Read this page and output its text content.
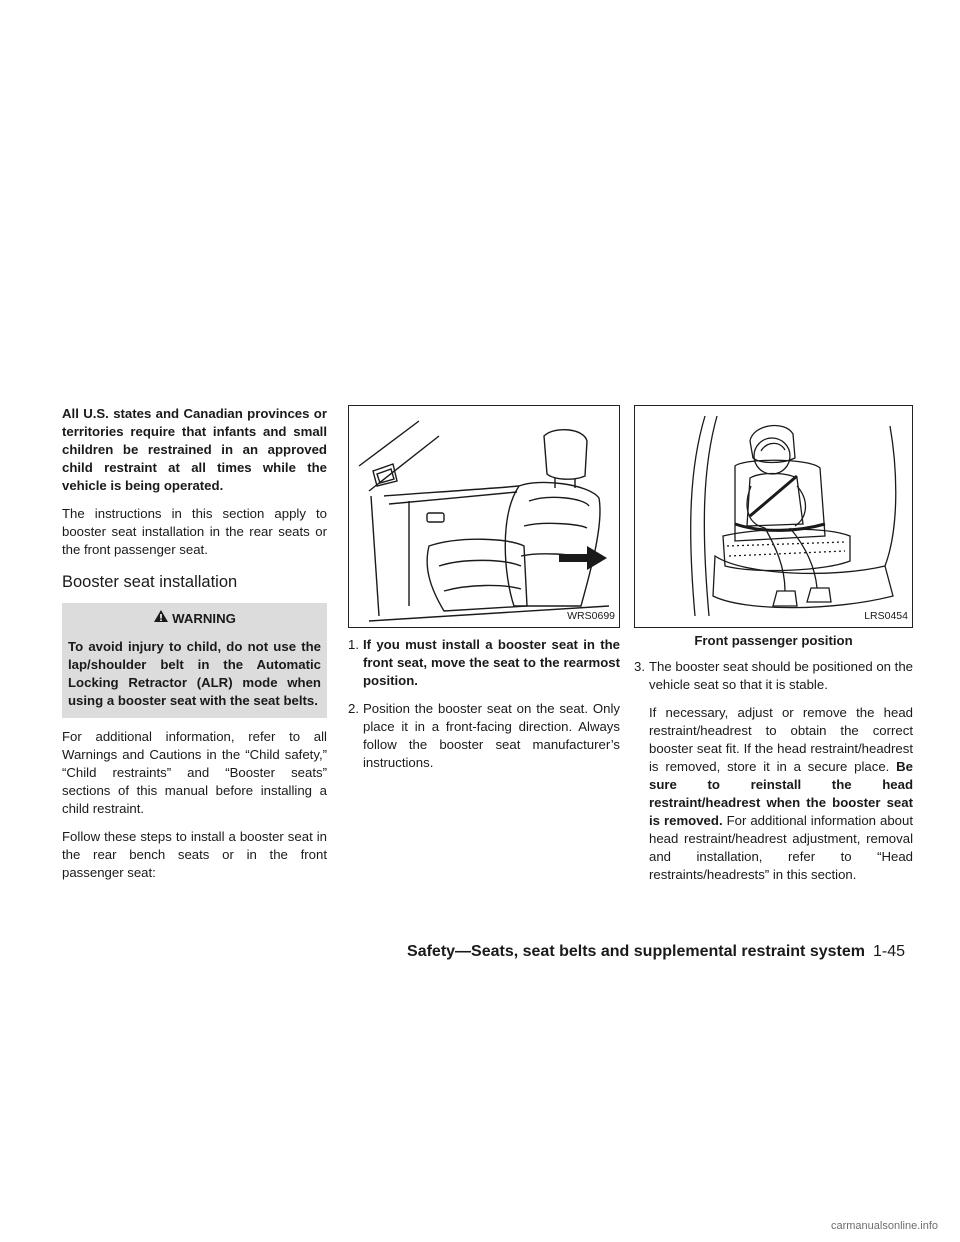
All U.S. states and Canadian provinces or territories require that infants and small children be restrained in an approved child restraint at all times while the vehicle is being operated.

The instructions in this section apply to booster seat installation in the rear seats or the front passenger seat.

Booster seat installation
WARNING
To avoid injury to child, do not use the lap/shoulder belt in the Automatic Locking Retractor (ALR) mode when using a booster seat with the seat belts.

For additional information, refer to all Warnings and Cautions in the “Child safety,” “Child restraints” and “Booster seats” sections of this manual before installing a child restraint.

Follow these steps to install a booster seat in the rear bench seats or in the front passenger seat:

WRS0699
1. If you must install a booster seat in the front seat, move the seat to the rearmost position.
2. Position the booster seat on the seat. Only place it in a front-facing direction. Always follow the booster seat manufacturer’s instructions.
LRS0454
Front passenger position
3. The booster seat should be positioned on the vehicle seat so that it is stable.

If necessary, adjust or remove the head restraint/headrest to obtain the correct booster seat fit. If the head restraint/headrest is removed, store it in a secure place. Be sure to reinstall the head restraint/headrest when the booster seat is removed. For additional information about head restraint/headrest adjustment, removal and installation, refer to “Head restraints/headrests” in this section.

Safety—Seats, seat belts and supplemental restraint system 1-45
carmanualsonline.info
